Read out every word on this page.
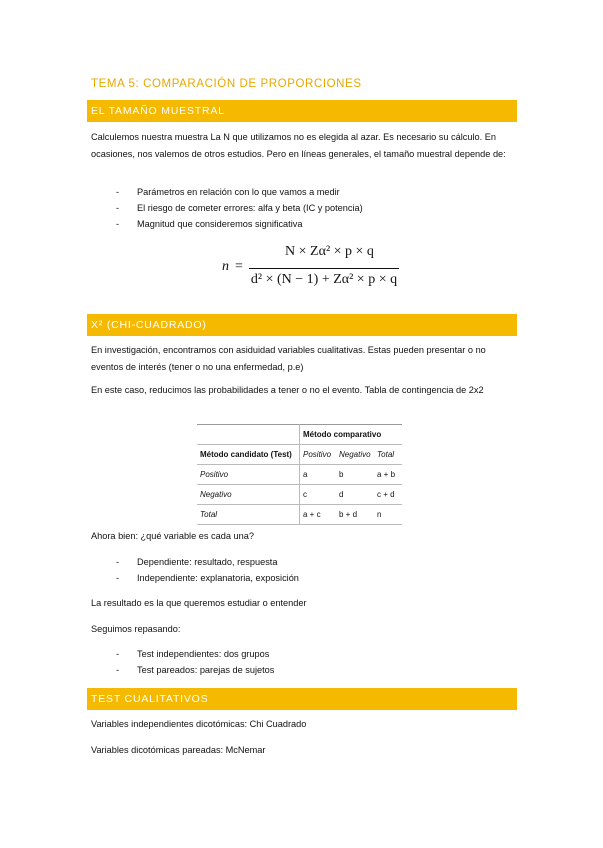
TEMA 5: COMPARACIÓN DE PROPORCIONES
EL TAMAÑO MUESTRAL

Calculemos nuestra muestra La N que utilizamos no es elegida al azar. Es necesario su cálculo. En ocasiones, nos valemos de otros estudios. Pero en líneas generales, el tamaño muestral depende de:

- Parámetros en relación con lo que vamos a medir
- El riesgo de cometer errores: alfa y beta (IC y potencia)
- Magnitud que consideremos significativa
n =
N × Zα² × p × q
d² × (N − 1) + Zα² × p × q
X² (CHI-CUADRADO)

En investigación, encontramos con asiduidad variables cualitativas. Estas pueden presentar o no eventos de interés (tener o no una enfermedad, p.e)

En este caso, reducimos las probabilidades a tener o no el evento. Tabla de contingencia de 2x2

	Método comparativo		
Método candidato (Test)	Positivo	Negativo	Total
Positivo	a	b	a + b
Negativo	c	d	c + d
Total	a + c	b + d	n

Ahora bien: ¿qué variable es cada una?

- Dependiente: resultado, respuesta
- Independiente: explanatoria, exposición

La resultado es la que queremos estudiar o entender

Seguimos repasando:

- Test independientes: dos grupos
- Test pareados: parejas de sujetos
TEST CUALITATIVOS

Variables independientes dicotómicas: Chi Cuadrado

Variables dicotómicas pareadas: McNemar
